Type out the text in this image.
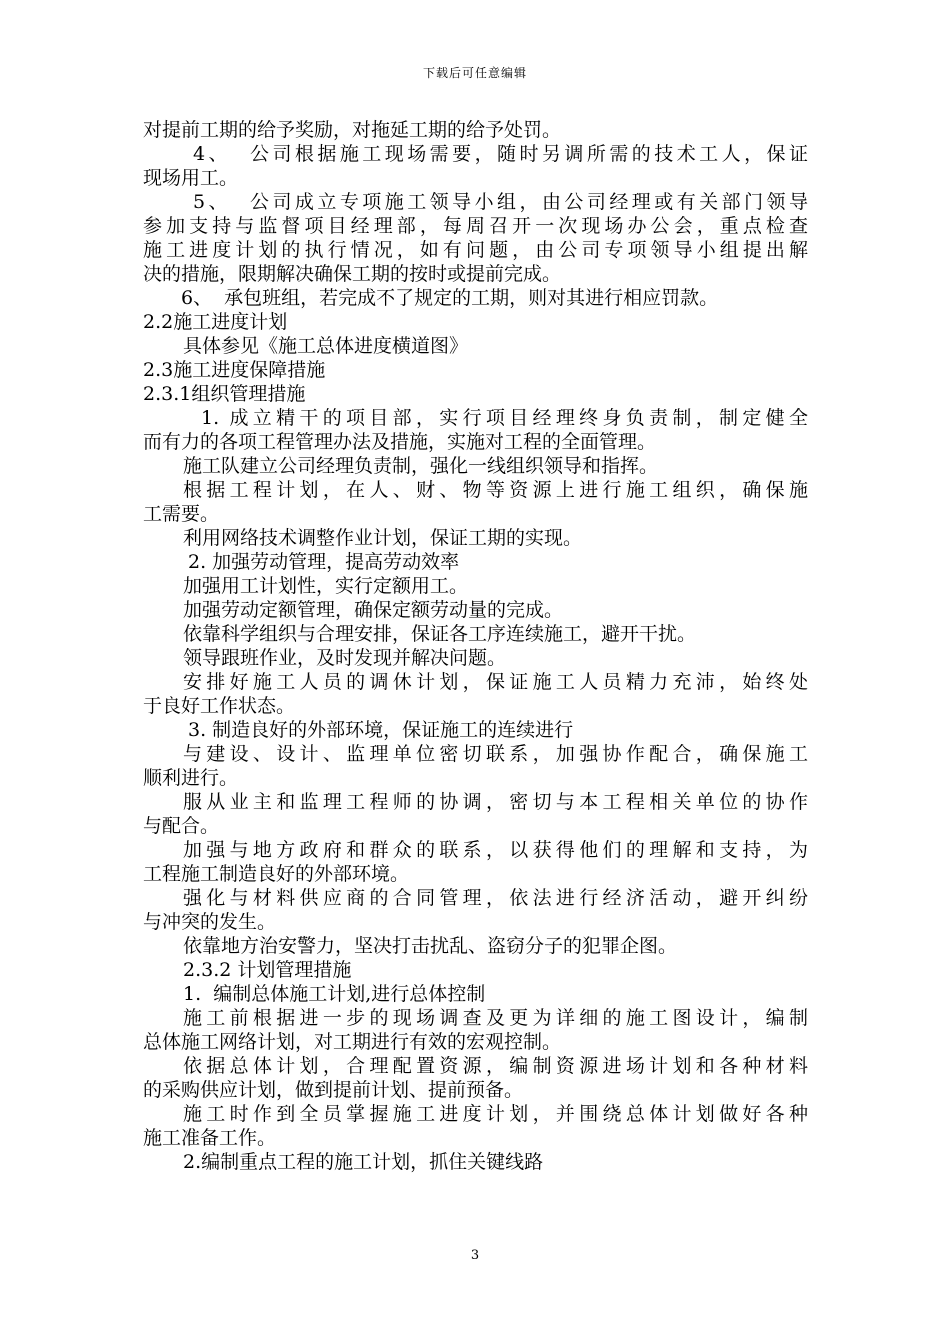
下载后可任意编辑
对提前工期的给予奖励，对拖延工期的给予处罚。
4、  公司根据施工现场需要，随时另调所需的技术工人，保证
现场用工。
5、  公司成立专项施工领导小组，由公司经理或有关部门领导
参加支持与监督项目经理部，每周召开一次现场办公会，重点检查
施工进度计划的执行情况，如有问题，由公司专项领导小组提出解
决的措施，限期解决确保工期的按时或提前完成。
6、  承包班组，若完成不了规定的工期，则对其进行相应罚款。
2.2施工进度计划
具体参见《施工总体进度横道图》
2.3施工进度保障措施
2.3.1组织管理措施
1. 成立精干的项目部，实行项目经理终身负责制，制定健全
而有力的各项工程管理办法及措施，实施对工程的全面管理。
施工队建立公司经理负责制，强化一线组织领导和指挥。
根据工程计划，在人、财、物等资源上进行施工组织，确保施
工需要。
利用网络技术调整作业计划，保证工期的实现。
2. 加强劳动管理，提高劳动效率
加强用工计划性，实行定额用工。
加强劳动定额管理，确保定额劳动量的完成。
依靠科学组织与合理安排，保证各工序连续施工，避开干扰。
领导跟班作业，及时发现并解决问题。
安排好施工人员的调休计划，保证施工人员精力充沛，始终处
于良好工作状态。
3. 制造良好的外部环境，保证施工的连续进行
与建设、设计、监理单位密切联系，加强协作配合，确保施工
顺利进行。
服从业主和监理工程师的协调，密切与本工程相关单位的协作
与配合。
加强与地方政府和群众的联系，以获得他们的理解和支持，为
工程施工制造良好的外部环境。
强化与材料供应商的合同管理，依法进行经济活动，避开纠纷
与冲突的发生。
依靠地方治安警力，坚决打击扰乱、盗窃分子的犯罪企图。
2.3.2 计划管理措施
1.  编制总体施工计划,进行总体控制
施工前根据进一步的现场调查及更为详细的施工图设计，编制
总体施工网络计划，对工期进行有效的宏观控制。
依据总体计划，合理配置资源，编制资源进场计划和各种材料
的采购供应计划，做到提前计划、提前预备。
施工时作到全员掌握施工进度计划，并围绕总体计划做好各种
施工准备工作。
2.编制重点工程的施工计划，抓住关键线路
3
